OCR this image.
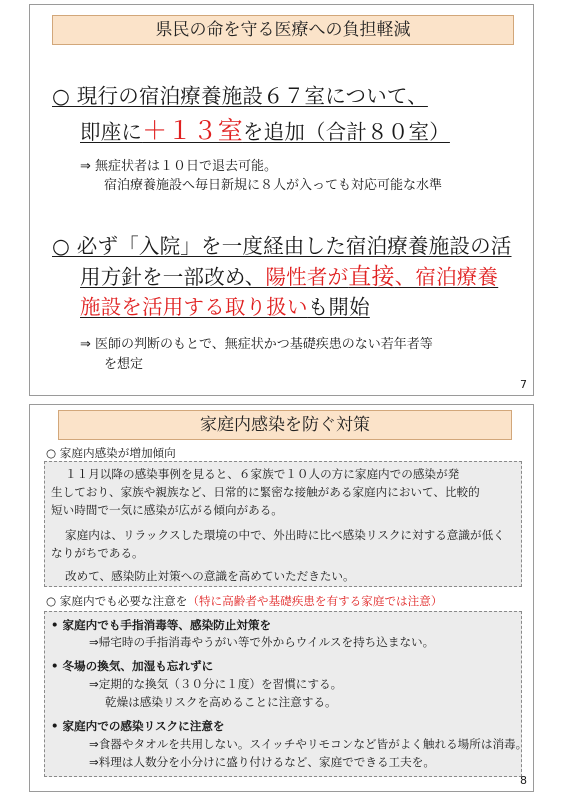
県民の命を守る医療への負担軽減
○ 現行の宿泊療養施設６７室について、
即座に＋１３室を追加（合計８０室）
⇒ 無症状者は１０日で退去可能。
宿泊療養施設へ毎日新規に８人が入っても対応可能な水準
○ 必ず「入院」を一度経由した宿泊療養施設の活
用方針を一部改め、陽性者が直接、宿泊療養
施設を活用する取り扱いも開始
⇒ 医師の判断のもとで、無症状かつ基礎疾患のない若年者等
を想定
7
家庭内感染を防ぐ対策
○ 家庭内感染が増加傾向
１１月以降の感染事例を見ると、６家族で１０人の方に家庭内での感染が発
生しており、家族や親族など、日常的に緊密な接触がある家庭内において、比較的
短い時間で一気に感染が広がる傾向がある。
家庭内は、リラックスした環境の中で、外出時に比べ感染リスクに対する意識が低く
なりがちである。
改めて、感染防止対策への意識を高めていただきたい。
○ 家庭内でも必要な注意を（特に高齢者や基礎疾患を有する家庭では注意）
• 家庭内でも手指消毒等、感染防止対策を
⇒帰宅時の手指消毒やうがい等で外からウイルスを持ち込まない。
• 冬場の換気、加湿も忘れずに
⇒定期的な換気（３０分に１度）を習慣にする。
乾燥は感染リスクを高めることに注意する。
• 家庭内での感染リスクに注意を
⇒食器やタオルを共用しない。スイッチやリモコンなど皆がよく触れる場所は消毒。
⇒料理は人数分を小分けに盛り付けるなど、家庭でできる工夫を。
8
